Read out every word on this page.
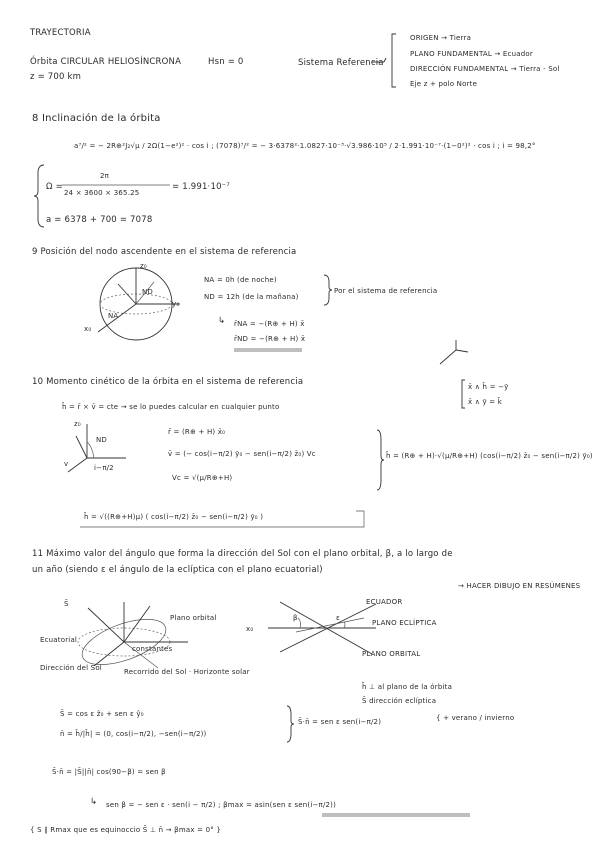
TRAYECTORIA
Órbita CIRCULAR HELIOSÍNCRONA	Hsn = 0
z = 700 km
Sistema Referencia
ORIGEN → Tierra
PLANO FUNDAMENTAL → Ecuador
DIRECCIÓN FUNDAMENTAL → Tierra - Sol
Eje z + polo Norte
8 Inclinación de la órbita
a⁷/² = − 2R⊕²J₂√μ / 2Ω(1−e²)² · cos i ; (7078)⁷/² = − 3·6378²·1.0827·10⁻³·√3.986·10⁵ / 2·1.991·10⁻⁷·(1−0²)² · cos i ; i = 98,2°
Ω =
2π
24 × 3600 × 365.25
= 1.991·10⁻⁷
a = 6378 + 700 = 7078
9 Posición del nodo ascendente en el sistema de referencia
z₀
y₀
x₀
ND
NA
NA = 0h (de noche)
ND = 12h (de la mañana)
Por el sistema de referencia
↳ r̄NA = −(R⊕ + H) x̄
r̄ND = −(R⊕ + H) x̄
10 Momento cinético de la órbita en el sistema de referencia	x̄ ∧ h̄ = −ȳ
x̄ ∧ ȳ = k̄
h̄ = r̄ × v̄ = cte → se lo puedes calcular en cualquier punto
z₀
ND
v	i−π/2
r̄ = (R⊕ + H) x̄₀
v̄ = (− cos(i−π/2) ȳ₀ − sen(i−π/2) z̄₀) Vc
Vc = √(μ/R⊕+H)
h̄ = (R⊕ + H)·√(μ/R⊕+H) (cos(i−π/2) z̄₀ − sen(i−π/2) ȳ₀)
h̄ = √((R⊕+H)μ) ( cos(i−π/2) z̄₀ − sen(i−π/2) ȳ₀ )
11 Máximo valor del ángulo que forma la dirección del Sol con el plano orbital, β, a lo largo de
un año (siendo ε el ángulo de la eclíptica con el plano ecuatorial)
→ HACER DIBUJO EN RESÚMENES
S̄
Plano orbital
Ecuatorial
constantes
Dirección del Sol	Recorrido del Sol · Horizonte solar
x₀
β	ε
ECUADOR
PLANO ECLÍPTICA
PLANO ORBITAL
h̄ ⊥ al plano de la órbita
S̄ dirección eclíptica
S̄ = cos ε ẑ₀ + sen ε ŷ₀
n̄ = h̄/|h̄| = (0, cos(i−π/2), −sen(i−π/2))
S̄·n̄ = sen ε sen(i−π/2)	{ + verano / invierno
S̄·n̄ = |S̄||n̄| cos(90−β) = sen β
↳ sen β = − sen ε · sen(i − π/2) ; βmax = asin(sen ε sen(i−π/2))
{ S ∥ Rmax que es equinoccio S̄ ⊥ n̄ → βmax = 0° }
